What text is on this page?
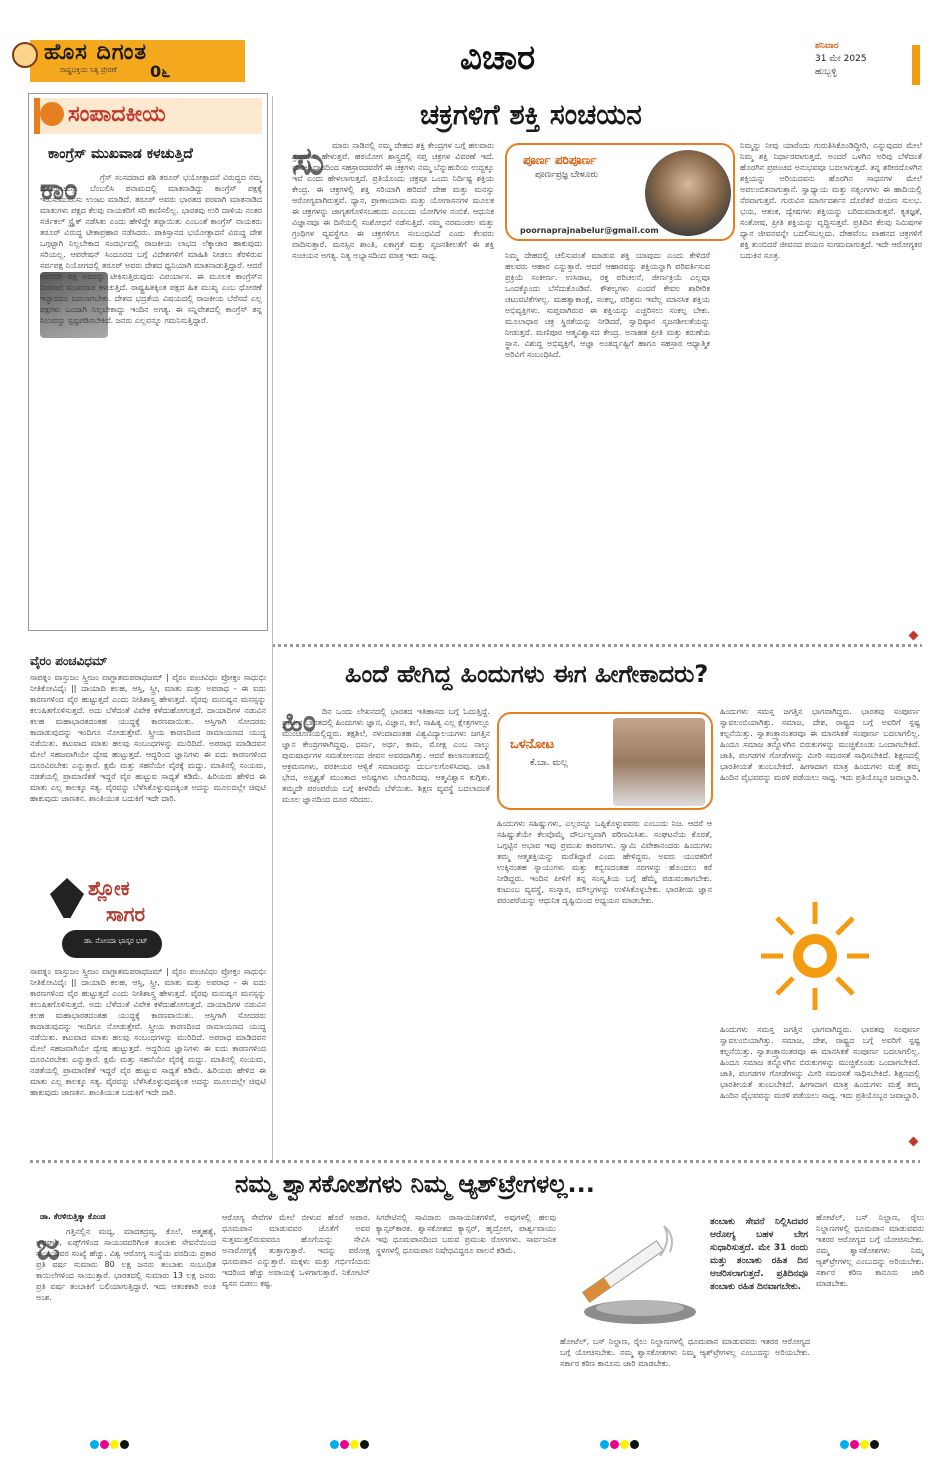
ಹೊಸ ದಿಗಂತ
ರಾಷ್ಟ್ರಭಕ್ತಿಯ ನಿತ್ಯ ಪ್ರೇರಣೆ 0೬	ವಿಚಾರ	ಶನಿವಾರ
31 ಮೇ 2025
ಹುಬ್ಬಳ್ಳಿ
ಸಂಪಾದಕೀಯ
ಕಾಂಗ್ರೆಸ್ ಮುಖವಾಡ ಕಳಚುತ್ತಿದೆ
ಕಾಂ	ಗ್ರೆಸ್ ಸಂಸದರಾದ ಶಶಿ ತರೂರ್ ಭಯೋತ್ಪಾದನೆ ವಿರುದ್ಧದ ನಮ್ಮ ಹೋರಾಟವನ್ನು ಬೆಂಬಲಿಸಿ ಪನಾಮದಲ್ಲಿ ಮಾತನಾಡಿದ್ದು ಕಾಂಗ್ರೆಸ್ ಪಕ್ಷಕ್ಕೆ ಇರುಸುಮುರುಸು ಉಂಟು ಮಾಡಿದೆ. ತರೂರ್ ಅವರು ಭಾರತದ ಪರವಾಗಿ ಮಾತನಾಡಿದ ಮಾತುಗಳು ಪಕ್ಷದ ಕೆಲವು ನಾಯಕರಿಗೆ ಸರಿ ಕಾಣಿಸಲಿಲ್ಲ. ಭಾರತವು ಉರಿ ದಾಳಿಯ ನಂತರ ಸರ್ಜಿಕಲ್ ಸ್ಟ್ರೈಕ್ ನಡೆಸಿತು ಎಂದು ಹೇಳಿದ್ದೇ ತಪ್ಪಾಯಿತು ಎಂಬಂತೆ ಕಾಂಗ್ರೆಸ್ ನಾಯಕರು ತರೂರ್ ವಿರುದ್ಧ ಟೀಕಾಪ್ರಹಾರ ನಡೆಸಿದರು. ಪಾಕಿಸ್ತಾನದ ಭಯೋತ್ಪಾದನೆ ವಿರುದ್ಧ ದೇಶ ಒಗ್ಗಟ್ಟಾಗಿ ನಿಲ್ಲಬೇಕಾದ ಸಂದರ್ಭದಲ್ಲಿ ರಾಜಕೀಯ ಲಾಭದ ಲೆಕ್ಕಾಚಾರ ಹಾಕುವುದು ಸರಿಯಲ್ಲ. ಆಪರೇಷನ್ ಸಿಂದೂರದ ಬಗ್ಗೆ ವಿದೇಶಗಳಿಗೆ ಮಾಹಿತಿ ನೀಡಲು ತೆರಳಿರುವ ಸರ್ವಪಕ್ಷ ನಿಯೋಗದಲ್ಲಿ ತರೂರ್ ಅವರು ದೇಶದ ಧ್ವನಿಯಾಗಿ ಮಾತನಾಡುತ್ತಿದ್ದಾರೆ. ಆದರೆ ಅವರದೇ ಪಕ್ಷ ಅವರನ್ನು ಟೀಕಿಸುತ್ತಿರುವುದು ವಿಪರ್ಯಾಸ. ಈ ಮೂಲಕ ಕಾಂಗ್ರೆಸ್‌ನ ನಿಜವಾದ ಮುಖವಾಡ ಕಳಚುತ್ತಿದೆ. ರಾಷ್ಟ್ರಹಿತಕ್ಕಿಂತ ಪಕ್ಷದ ಹಿತ ಮುಖ್ಯ ಎಂಬ ಧೋರಣೆ ಇನ್ನಾದರೂ ಬದಲಾಗಬೇಕು. ದೇಶದ ಭದ್ರತೆಯ ವಿಷಯದಲ್ಲಿ ರಾಜಕೀಯ ಬೆರೆಸದೆ ಎಲ್ಲ ಪಕ್ಷಗಳು ಒಂದಾಗಿ ನಿಲ್ಲಬೇಕಾದ್ದು ಇಂದಿನ ಅಗತ್ಯ. ಈ ಸನ್ನಿವೇಶದಲ್ಲಿ ಕಾಂಗ್ರೆಸ್ ತನ್ನ ನಿಲುವನ್ನು ಸ್ಪಷ್ಟಪಡಿಸಬೇಕಿದೆ. ಜನರು ಎಲ್ಲವನ್ನೂ ಗಮನಿಸುತ್ತಿದ್ದಾರೆ.
ಚಕ್ರಗಳಿಗೆ ಶಕ್ತಿ ಸಂಚಯನ
ಸು ಮಾರು ನಾಡಿನಲ್ಲಿ ನಮ್ಮ ದೇಹದ ಶಕ್ತಿ ಕೇಂದ್ರಗಳ ಬಗ್ಗೆ ಹಲವಾರು ಗ್ರಂಥಗಳು ಹೇಳುತ್ತವೆ. ಹಠಯೋಗ ಶಾಸ್ತ್ರದಲ್ಲಿ ಸಪ್ತ ಚಕ್ರಗಳ ವಿವರಣೆ ಇದೆ. ಮೂಲಾಧಾರದಿಂದ ಸಹಸ್ರಾರದವರೆಗೆ ಈ ಚಕ್ರಗಳು ನಮ್ಮ ಬೆನ್ನುಹುರಿಯ ಉದ್ದಕ್ಕೂ ಇವೆ ಎಂದು ಹೇಳಲಾಗುತ್ತದೆ. ಪ್ರತಿಯೊಂದು ಚಕ್ರವೂ ಒಂದು ನಿರ್ದಿಷ್ಟ ಶಕ್ತಿಯ ಕೇಂದ್ರ. ಈ ಚಕ್ರಗಳಲ್ಲಿ ಶಕ್ತಿ ಸರಿಯಾಗಿ ಹರಿದರೆ ದೇಹ ಮತ್ತು ಮನಸ್ಸು ಆರೋಗ್ಯವಾಗಿರುತ್ತವೆ. ಧ್ಯಾನ, ಪ್ರಾಣಾಯಾಮ ಮತ್ತು ಯೋಗಾಸನಗಳ ಮೂಲಕ ಈ ಚಕ್ರಗಳನ್ನು ಜಾಗೃತಗೊಳಿಸಬಹುದು ಎಂಬುದು ಯೋಗಿಗಳ ನಂಬಿಕೆ. ಆಧುನಿಕ ವಿಜ್ಞಾನವೂ ಈ ದಿಸೆಯಲ್ಲಿ ಸಂಶೋಧನೆ ನಡೆಸುತ್ತಿದೆ. ನಮ್ಮ ನರಮಂಡಲ ಮತ್ತು ಗ್ರಂಥಿಗಳ ವ್ಯವಸ್ಥೆಗೂ ಈ ಚಕ್ರಗಳಿಗೂ ಸಂಬಂಧವಿದೆ ಎಂದು ಕೆಲವರು ವಾದಿಸುತ್ತಾರೆ. ಮನಸ್ಸಿನ ಶಾಂತಿ, ಏಕಾಗ್ರತೆ ಮತ್ತು ಸೃಜನಶೀಲತೆಗೆ ಈ ಶಕ್ತಿ ಸಂಚಯನ ಅಗತ್ಯ. ನಿತ್ಯ ಅಭ್ಯಾಸದಿಂದ ಮಾತ್ರ ಇದು ಸಾಧ್ಯ.
ಪೂರ್ಣ ಪರಿಪೂರ್ಣ
ಪೂರ್ಣಪ್ರಜ್ಞ ಬೇಳೂರು
poornaprajnabelur@gmail.com
ನಿಮ್ಮ ದೇಹದಲ್ಲಿ ಚಲಿಸುವಂತೆ ಮಾಡುವ ಶಕ್ತಿ ಯಾವುದು ಎಂದು ಕೇಳಿದರೆ ಹಲವರು ಆಹಾರ ಎನ್ನುತ್ತಾರೆ. ಆದರೆ ಆಹಾರವನ್ನು ಶಕ್ತಿಯನ್ನಾಗಿ ಪರಿವರ್ತಿಸುವ ಪ್ರಕ್ರಿಯೆ ಸಂಕೀರ್ಣ. ಉಸಿರಾಟ, ರಕ್ತ ಪರಿಚಲನೆ, ಜೀರ್ಣಕ್ರಿಯೆ ಎಲ್ಲವೂ ಒಂದಕ್ಕೊಂದು ಬೆಸೆದುಕೊಂಡಿವೆ. ಕೌಶಲ್ಯಗಳು ಎಂದರೆ ಕೇವಲ ಶಾರೀರಿಕ ಚಟುವಟಿಕೆಗಳಲ್ಲ. ಮಹತ್ವಾಕಾಂಕ್ಷೆ, ಸಂಕಲ್ಪ, ಪರಿಶ್ರಮ ಇವೆಲ್ಲ ಮಾನಸಿಕ ಶಕ್ತಿಯ ಅಭಿವ್ಯಕ್ತಿಗಳು. ಸುಪ್ತವಾಗಿರುವ ಈ ಶಕ್ತಿಯನ್ನು ಎಚ್ಚರಿಸಲು ಸಂಕಲ್ಪ ಬೇಕು. ಮೂಲಾಧಾರ ಚಕ್ರ ಸ್ಥಿರತೆಯನ್ನು ನೀಡಿದರೆ, ಸ್ವಾಧಿಷ್ಠಾನ ಸೃಜನಶೀಲತೆಯನ್ನು ನೀಡುತ್ತದೆ. ಮಣಿಪೂರ ಆತ್ಮವಿಶ್ವಾಸದ ಕೇಂದ್ರ. ಅನಾಹತ ಪ್ರೀತಿ ಮತ್ತು ಕರುಣೆಯ ಸ್ಥಾನ. ವಿಶುದ್ಧ ಅಭಿವ್ಯಕ್ತಿಗೆ, ಆಜ್ಞಾ ಅಂತರ್ದೃಷ್ಟಿಗೆ ಹಾಗೂ ಸಹಸ್ರಾರ ಆಧ್ಯಾತ್ಮಿಕ ಅರಿವಿಗೆ ಸಂಬಂಧಿಸಿದೆ.
ನಿಮ್ಮನ್ನು ನೀವು ಯಾರೆಂದು ಗುರುತಿಸಿಕೊಂಡಿದ್ದೀರಿ, ಎನ್ನುವುದರ ಮೇಲೆ ನಿಮ್ಮ ಶಕ್ತಿ ನಿರ್ಧಾರವಾಗುತ್ತದೆ. ಅಂದರೆ ಒಳಗಿನ ಅರಿವು ಬೆಳೆದಂತೆ ಹೊರಗಿನ ಪ್ರಪಂಚದ ಅನುಭವವೂ ಬದಲಾಗುತ್ತದೆ. ತನ್ನ ಶರೀರದೊಳಗಿನ ಶಕ್ತಿಯನ್ನು ಅರಿಯದವನು ಹೊರಗಿನ ಸಾಧನಗಳ ಮೇಲೆ ಅವಲಂಬಿತನಾಗುತ್ತಾನೆ. ಸ್ವಾಧ್ಯಾಯ ಮತ್ತು ಸತ್ಸಂಗಗಳು ಈ ಹಾದಿಯಲ್ಲಿ ನೆರವಾಗುತ್ತವೆ. ಗುರುವಿನ ಮಾರ್ಗದರ್ಶನ ದೊರೆತರೆ ಪಯಣ ಸುಲಭ. ಭಯ, ಆತಂಕ, ದ್ವೇಷಗಳು ಶಕ್ತಿಯನ್ನು ಬರಿದುಮಾಡುತ್ತವೆ. ಕೃತಜ್ಞತೆ, ಸಂತೋಷ, ಪ್ರೀತಿ ಶಕ್ತಿಯನ್ನು ವೃದ್ಧಿಸುತ್ತವೆ. ಪ್ರತಿದಿನ ಕೆಲವು ನಿಮಿಷಗಳ ಧ್ಯಾನ ಜೀವನವನ್ನೇ ಬದಲಿಸಬಲ್ಲದು. ದೇಹವೆಂಬ ವಾಹನದ ಚಕ್ರಗಳಿಗೆ ಶಕ್ತಿ ತುಂಬಿದರೆ ಜೀವನದ ಪಯಣ ಸುಗಮವಾಗುತ್ತದೆ. ಇದೇ ಆರೋಗ್ಯಕರ ಬದುಕಿನ ಸೂತ್ರ.
ವೈರಂ ಪಂಚವಿಧಮ್
ಸಾಪತ್ನಂ ವಾಸ್ತುಜಂ ಸ್ತ್ರೀಜಂ ವಾಗ್ಜಾತಮಪರಾಧಜಮ್ | ವೈರಂ ಪಂಚವಿಧಂ ಪ್ರೋಕ್ತಂ ಸಾಧುಭಿಃ ನೀತಿಕೋವಿದೈಃ || ದಾಯಾದಿ ಕಲಹ, ಆಸ್ತಿ, ಸ್ತ್ರೀ, ಮಾತು ಮತ್ತು ಅಪರಾಧ - ಈ ಐದು ಕಾರಣಗಳಿಂದ ವೈರ ಹುಟ್ಟುತ್ತದೆ ಎಂದು ನೀತಿಶಾಸ್ತ್ರ ಹೇಳುತ್ತದೆ. ವೈರವು ಮನುಷ್ಯನ ಮನಸ್ಸನ್ನು ಕಲುಷಿತಗೊಳಿಸುತ್ತದೆ. ಅದು ಬೆಳೆದಂತೆ ವಿವೇಕ ಕಳೆದುಹೋಗುತ್ತದೆ. ದಾಯಾದಿಗಳ ನಡುವಿನ ಕಲಹ ಮಹಾಭಾರತದಂತಹ ಯುದ್ಧಕ್ಕೆ ಕಾರಣವಾಯಿತು. ಆಸ್ತಿಗಾಗಿ ಸೋದರರು ಕಾದಾಡುವುದನ್ನು ಇಂದಿಗೂ ನೋಡುತ್ತೇವೆ. ಸ್ತ್ರೀಯ ಕಾರಣದಿಂದ ರಾಮಾಯಣದ ಯುದ್ಧ ನಡೆಯಿತು. ಕಟುವಾದ ಮಾತು ಹಲವು ಸಂಬಂಧಗಳನ್ನು ಮುರಿದಿದೆ. ಅಪರಾಧ ಮಾಡಿದವನ ಮೇಲೆ ಸಹಜವಾಗಿಯೇ ದ್ವೇಷ ಹುಟ್ಟುತ್ತದೆ. ಆದ್ದರಿಂದ ಜ್ಞಾನಿಗಳು ಈ ಐದು ಕಾರಣಗಳಿಂದ ದೂರವಿರಬೇಕು ಎನ್ನುತ್ತಾರೆ. ಕ್ಷಮೆ ಮತ್ತು ಸಹನೆಯೇ ವೈರಕ್ಕೆ ಮದ್ದು. ಮಾತಿನಲ್ಲಿ ಸಂಯಮ, ನಡತೆಯಲ್ಲಿ ಪ್ರಾಮಾಣಿಕತೆ ಇದ್ದರೆ ವೈರ ಹುಟ್ಟುವ ಸಾಧ್ಯತೆ ಕಡಿಮೆ. ಹಿರಿಯರು ಹೇಳಿದ ಈ ಮಾತು ಎಲ್ಲ ಕಾಲಕ್ಕೂ ಸತ್ಯ. ವೈರವನ್ನು ಬೆಳೆಸಿಕೊಳ್ಳುವುದಕ್ಕಿಂತ ಅದನ್ನು ಮೂಲದಲ್ಲೇ ಚಿವುಟಿ ಹಾಕುವುದು ಜಾಣತನ. ಶಾಂತಿಯುತ ಬದುಕಿಗೆ ಇದೇ ದಾರಿ.
ಶ್ಲೋಕ
ಸಾಗರ
ಡಾ. ನೋಂದಾ ಭಾಸ್ಕರ ಭಟ್
ಸಾಪತ್ನಂ ವಾಸ್ತುಜಂ ಸ್ತ್ರೀಜಂ ವಾಗ್ಜಾತಮಪರಾಧಜಮ್ | ವೈರಂ ಪಂಚವಿಧಂ ಪ್ರೋಕ್ತಂ ಸಾಧುಭಿಃ ನೀತಿಕೋವಿದೈಃ || ದಾಯಾದಿ ಕಲಹ, ಆಸ್ತಿ, ಸ್ತ್ರೀ, ಮಾತು ಮತ್ತು ಅಪರಾಧ - ಈ ಐದು ಕಾರಣಗಳಿಂದ ವೈರ ಹುಟ್ಟುತ್ತದೆ ಎಂದು ನೀತಿಶಾಸ್ತ್ರ ಹೇಳುತ್ತದೆ. ವೈರವು ಮನುಷ್ಯನ ಮನಸ್ಸನ್ನು ಕಲುಷಿತಗೊಳಿಸುತ್ತದೆ. ಅದು ಬೆಳೆದಂತೆ ವಿವೇಕ ಕಳೆದುಹೋಗುತ್ತದೆ. ದಾಯಾದಿಗಳ ನಡುವಿನ ಕಲಹ ಮಹಾಭಾರತದಂತಹ ಯುದ್ಧಕ್ಕೆ ಕಾರಣವಾಯಿತು. ಆಸ್ತಿಗಾಗಿ ಸೋದರರು ಕಾದಾಡುವುದನ್ನು ಇಂದಿಗೂ ನೋಡುತ್ತೇವೆ. ಸ್ತ್ರೀಯ ಕಾರಣದಿಂದ ರಾಮಾಯಣದ ಯುದ್ಧ ನಡೆಯಿತು. ಕಟುವಾದ ಮಾತು ಹಲವು ಸಂಬಂಧಗಳನ್ನು ಮುರಿದಿದೆ. ಅಪರಾಧ ಮಾಡಿದವನ ಮೇಲೆ ಸಹಜವಾಗಿಯೇ ದ್ವೇಷ ಹುಟ್ಟುತ್ತದೆ. ಆದ್ದರಿಂದ ಜ್ಞಾನಿಗಳು ಈ ಐದು ಕಾರಣಗಳಿಂದ ದೂರವಿರಬೇಕು ಎನ್ನುತ್ತಾರೆ. ಕ್ಷಮೆ ಮತ್ತು ಸಹನೆಯೇ ವೈರಕ್ಕೆ ಮದ್ದು. ಮಾತಿನಲ್ಲಿ ಸಂಯಮ, ನಡತೆಯಲ್ಲಿ ಪ್ರಾಮಾಣಿಕತೆ ಇದ್ದರೆ ವೈರ ಹುಟ್ಟುವ ಸಾಧ್ಯತೆ ಕಡಿಮೆ. ಹಿರಿಯರು ಹೇಳಿದ ಈ ಮಾತು ಎಲ್ಲ ಕಾಲಕ್ಕೂ ಸತ್ಯ. ವೈರವನ್ನು ಬೆಳೆಸಿಕೊಳ್ಳುವುದಕ್ಕಿಂತ ಅದನ್ನು ಮೂಲದಲ್ಲೇ ಚಿವುಟಿ ಹಾಕುವುದು ಜಾಣತನ. ಶಾಂತಿಯುತ ಬದುಕಿಗೆ ಇದೇ ದಾರಿ.
ಹಿಂದೆ ಹೇಗಿದ್ದ ಹಿಂದುಗಳು ಈಗ ಹೀಗೇಕಾದರು?
ಹಿಂ ದಿನ ಒಂದು ಲೇಖನದಲ್ಲಿ ಭಾರತದ ಇತಿಹಾಸದ ಬಗ್ಗೆ ಓದುತ್ತಿದ್ದೆ. ಪ್ರಾಚೀನ ಭಾರತದಲ್ಲಿ ಹಿಂದುಗಳು ಜ್ಞಾನ, ವಿಜ್ಞಾನ, ಕಲೆ, ಸಾಹಿತ್ಯ ಎಲ್ಲ ಕ್ಷೇತ್ರಗಳಲ್ಲೂ ಮುಂಚೂಣಿಯಲ್ಲಿದ್ದರು. ತಕ್ಷಶಿಲೆ, ನಳಂದಾದಂತಹ ವಿಶ್ವವಿದ್ಯಾಲಯಗಳು ಜಗತ್ತಿನ ಜ್ಞಾನ ಕೇಂದ್ರಗಳಾಗಿದ್ದವು. ಧರ್ಮ, ಅರ್ಥ, ಕಾಮ, ಮೋಕ್ಷ ಎಂಬ ನಾಲ್ಕು ಪುರುಷಾರ್ಥಗಳ ಸಮತೋಲನದ ಜೀವನ ಅವರದಾಗಿತ್ತು. ಆದರೆ ಕಾಲಾನಂತರದಲ್ಲಿ ಆಕ್ರಮಣಗಳು, ಪರಕೀಯರ ಆಳ್ವಿಕೆ ಸಮಾಜವನ್ನು ದುರ್ಬಲಗೊಳಿಸಿದವು. ಜಾತಿ ಭೇದ, ಅಸ್ಪೃಶ್ಯತೆ ಮುಂತಾದ ಅನಿಷ್ಟಗಳು ಬೇರೂರಿದವು. ಆತ್ಮವಿಶ್ವಾಸ ಕುಗ್ಗಿತು. ತಮ್ಮದೇ ಪರಂಪರೆಯ ಬಗ್ಗೆ ಕೀಳರಿಮೆ ಬೆಳೆಯಿತು. ಶಿಕ್ಷಣ ವ್ಯವಸ್ಥೆ ಬದಲಾದಂತೆ ಮೂಲ ಜ್ಞಾನದಿಂದ ದೂರ ಸರಿದರು.
ಒಳನೋಟ
ಕೆ.ಬಾ. ಮಲ್ಲ
ಹಿಂದುಗಳು ಸಹಿಷ್ಣುಗಳು, ಎಲ್ಲರನ್ನೂ ಒಪ್ಪಿಕೊಳ್ಳುವವರು ಎಂಬುದು ನಿಜ. ಆದರೆ ಆ ಸಹಿಷ್ಣುತೆಯೇ ಕೆಲವೊಮ್ಮೆ ದೌರ್ಬಲ್ಯವಾಗಿ ಪರಿಣಮಿಸಿತು. ಸಂಘಟನೆಯ ಕೊರತೆ, ಒಗ್ಗಟ್ಟಿನ ಅಭಾವ ಇವು ಪ್ರಮುಖ ಕಾರಣಗಳು. ಸ್ವಾಮಿ ವಿವೇಕಾನಂದರು ಹಿಂದುಗಳು ತಮ್ಮ ಆತ್ಮಶಕ್ತಿಯನ್ನು ಮರೆತಿದ್ದಾರೆ ಎಂದು ಹೇಳಿದ್ದರು. ಅವರು ಯುವಕರಿಗೆ ಉಕ್ಕಿನಂತಹ ಸ್ನಾಯುಗಳು ಮತ್ತು ಕಬ್ಬಿಣದಂತಹ ನರಗಳನ್ನು ಹೊಂದಲು ಕರೆ ನೀಡಿದ್ದರು. ಇಂದಿನ ಪೀಳಿಗೆ ತನ್ನ ಸಂಸ್ಕೃತಿಯ ಬಗ್ಗೆ ಹೆಮ್ಮೆ ಪಡುವಂತಾಗಬೇಕು. ಕುಟುಂಬ ವ್ಯವಸ್ಥೆ, ಸಂಸ್ಕಾರ, ಮೌಲ್ಯಗಳನ್ನು ಉಳಿಸಿಕೊಳ್ಳಬೇಕು. ಭಾರತೀಯ ಜ್ಞಾನ ಪರಂಪರೆಯನ್ನು ಆಧುನಿಕ ದೃಷ್ಟಿಯಿಂದ ಅಧ್ಯಯನ ಮಾಡಬೇಕು.
ಹಿಂದುಗಳು ಸಮಸ್ತ ಜಗತ್ತಿನ ಭಾಗವಾಗಿದ್ದರು. ಭಾರತವು ಸಂಪೂರ್ಣ ಸ್ವಾವಲಂಬಿಯಾಗಿತ್ತು. ಸಮಾಜ, ದೇಶ, ರಾಷ್ಟ್ರದ ಬಗ್ಗೆ ಅವರಿಗೆ ಸ್ಪಷ್ಟ ಕಲ್ಪನೆಯಿತ್ತು. ಸ್ವಾತಂತ್ರ್ಯಾನಂತರವೂ ಈ ಮಾನಸಿಕತೆ ಸಂಪೂರ್ಣ ಬದಲಾಗಲಿಲ್ಲ. ಹಿಂದೂ ಸಮಾಜ ತನ್ನೊಳಗಿನ ಬಿರುಕುಗಳನ್ನು ಮುಚ್ಚಿಕೊಂಡು ಒಂದಾಗಬೇಕಿದೆ. ಜಾತಿ, ಪಂಗಡಗಳ ಗೋಡೆಗಳನ್ನು ಮೀರಿ ಸಮರಸತೆ ಸಾಧಿಸಬೇಕಿದೆ. ಶಿಕ್ಷಣದಲ್ಲಿ ಭಾರತೀಯತೆ ತುಂಬಬೇಕಿದೆ. ಹೀಗಾದಾಗ ಮಾತ್ರ ಹಿಂದುಗಳು ಮತ್ತೆ ತಮ್ಮ ಹಿಂದಿನ ವೈಭವವನ್ನು ಮರಳಿ ಪಡೆಯಲು ಸಾಧ್ಯ. ಇದು ಪ್ರತಿಯೊಬ್ಬರ ಜವಾಬ್ದಾರಿ.
ಹಿಂದುಗಳು ಸಮಸ್ತ ಜಗತ್ತಿನ ಭಾಗವಾಗಿದ್ದರು. ಭಾರತವು ಸಂಪೂರ್ಣ ಸ್ವಾವಲಂಬಿಯಾಗಿತ್ತು. ಸಮಾಜ, ದೇಶ, ರಾಷ್ಟ್ರದ ಬಗ್ಗೆ ಅವರಿಗೆ ಸ್ಪಷ್ಟ ಕಲ್ಪನೆಯಿತ್ತು. ಸ್ವಾತಂತ್ರ್ಯಾನಂತರವೂ ಈ ಮಾನಸಿಕತೆ ಸಂಪೂರ್ಣ ಬದಲಾಗಲಿಲ್ಲ. ಹಿಂದೂ ಸಮಾಜ ತನ್ನೊಳಗಿನ ಬಿರುಕುಗಳನ್ನು ಮುಚ್ಚಿಕೊಂಡು ಒಂದಾಗಬೇಕಿದೆ. ಜಾತಿ, ಪಂಗಡಗಳ ಗೋಡೆಗಳನ್ನು ಮೀರಿ ಸಮರಸತೆ ಸಾಧಿಸಬೇಕಿದೆ. ಶಿಕ್ಷಣದಲ್ಲಿ ಭಾರತೀಯತೆ ತುಂಬಬೇಕಿದೆ. ಹೀಗಾದಾಗ ಮಾತ್ರ ಹಿಂದುಗಳು ಮತ್ತೆ ತಮ್ಮ ಹಿಂದಿನ ವೈಭವವನ್ನು ಮರಳಿ ಪಡೆಯಲು ಸಾಧ್ಯ. ಇದು ಪ್ರತಿಯೊಬ್ಬರ ಜವಾಬ್ದಾರಿ.
ನಮ್ಮ ಶ್ವಾಸಕೋಶಗಳು ನಿಮ್ಮ ಆ್ಯಶ್‌ಟ್ರೇಗಳಲ್ಲ...
ಡಾ. ಕೆರಳಿರುತ್ತಿಕ್ಕಾ ಕೊಂಡ
ಜ ಗತ್ತಿನಲ್ಲಿನ ಮದ್ಯ, ಮಾದಕದ್ರವ್ಯ, ಕೊಲೆ, ಆತ್ಮಹತ್ಯೆ, ಅಪಘಾತ, ಏಡ್ಸ್‌ಗಳಿಂದ ಸಾಯುವವರಿಗಿಂತ ತಂಬಾಕು ಸೇವನೆಯಿಂದ ಸಾಯುವವರ ಸಂಖ್ಯೆ ಹೆಚ್ಚು. ವಿಶ್ವ ಆರೋಗ್ಯ ಸಂಸ್ಥೆಯ ವರದಿಯ ಪ್ರಕಾರ ಪ್ರತಿ ವರ್ಷ ಸುಮಾರು 80 ಲಕ್ಷ ಜನರು ತಂಬಾಕು ಸಂಬಂಧಿತ ಕಾಯಿಲೆಗಳಿಂದ ಸಾಯುತ್ತಾರೆ. ಭಾರತದಲ್ಲಿ ಸುಮಾರು 13 ಲಕ್ಷ ಜನರು ಪ್ರತಿ ವರ್ಷ ತಂಬಾಕಿಗೆ ಬಲಿಯಾಗುತ್ತಿದ್ದಾರೆ. ಇದು ಆತಂಕಕಾರಿ ಅಂಕಿ ಅಂಶ.
ಆರೋಗ್ಯ ಸೇವೆಗಳ ಮೇಲೆ ಬೀಳುವ ಹೊರೆ ಅಪಾರ. ಧೂಮಪಾನ ಮಾಡುವವರ ಜೊತೆಗೆ ಅವರ ಸುತ್ತಮುತ್ತಲಿರುವವರೂ ಹೊಗೆಯನ್ನು ಸೇವಿಸಿ ಅನಾರೋಗ್ಯಕ್ಕೆ ತುತ್ತಾಗುತ್ತಾರೆ. ಇದನ್ನು ಪರೋಕ್ಷ ಧೂಮಪಾನ ಎನ್ನುತ್ತಾರೆ. ಮಕ್ಕಳು ಮತ್ತು ಗರ್ಭಿಣಿಯರು ಇದರಿಂದ ಹೆಚ್ಚು ಅಪಾಯಕ್ಕೆ ಒಳಗಾಗುತ್ತಾರೆ. ನಿಕೋಟಿನ್ ವ್ಯಸನ ಬಿಡಲು ಕಷ್ಟ.
ಸಿಗರೇಟಿನಲ್ಲಿ ಸಾವಿರಾರು ರಾಸಾಯನಿಕಗಳಿವೆ, ಅವುಗಳಲ್ಲಿ ಹಲವು ಕ್ಯಾನ್ಸರ್‌ಕಾರಕ. ಶ್ವಾಸಕೋಶದ ಕ್ಯಾನ್ಸರ್, ಹೃದ್ರೋಗ, ಪಾರ್ಶ್ವವಾಯು ಇವು ಧೂಮಪಾನದಿಂದ ಬರುವ ಪ್ರಮುಖ ರೋಗಗಳು. ಸಾರ್ವಜನಿಕ ಸ್ಥಳಗಳಲ್ಲಿ ಧೂಮಪಾನ ನಿಷೇಧವಿದ್ದರೂ ಪಾಲನೆ ಕಡಿಮೆ.
ತಂಬಾಕು ಸೇವನೆ ನಿಲ್ಲಿಸಿದವರ ಆರೋಗ್ಯ ಬಹಳ ಬೇಗ ಸುಧಾರಿಸುತ್ತದೆ. ಮೇ 31 ರಂದು ಮತ್ತು ತಂಬಾಕು ರಹಿತ ದಿನ ಆಚರಿಸಲಾಗುತ್ತದೆ. ಪ್ರತಿದಿನವೂ ತಂಬಾಕು ರಹಿತ ದಿನವಾಗಬೇಕು.
ಹೋಟೆಲ್, ಬಸ್ ನಿಲ್ದಾಣ, ರೈಲು ನಿಲ್ದಾಣಗಳಲ್ಲಿ ಧೂಮಪಾನ ಮಾಡುವವರು ಇತರರ ಆರೋಗ್ಯದ ಬಗ್ಗೆ ಯೋಚಿಸಬೇಕು. ನಮ್ಮ ಶ್ವಾಸಕೋಶಗಳು ನಿಮ್ಮ ಆ್ಯಶ್‌ಟ್ರೇಗಳಲ್ಲ ಎಂಬುದನ್ನು ಅರಿಯಬೇಕು. ಸರ್ಕಾರ ಕಠಿಣ ಕಾನೂನು ಜಾರಿ ಮಾಡಬೇಕು.
ಹೋಟೆಲ್, ಬಸ್ ನಿಲ್ದಾಣ, ರೈಲು ನಿಲ್ದಾಣಗಳಲ್ಲಿ ಧೂಮಪಾನ ಮಾಡುವವರು ಇತರರ ಆರೋಗ್ಯದ ಬಗ್ಗೆ ಯೋಚಿಸಬೇಕು. ನಮ್ಮ ಶ್ವಾಸಕೋಶಗಳು ನಿಮ್ಮ ಆ್ಯಶ್‌ಟ್ರೇಗಳಲ್ಲ ಎಂಬುದನ್ನು ಅರಿಯಬೇಕು. ಸರ್ಕಾರ ಕಠಿಣ ಕಾನೂನು ಜಾರಿ ಮಾಡಬೇಕು.
